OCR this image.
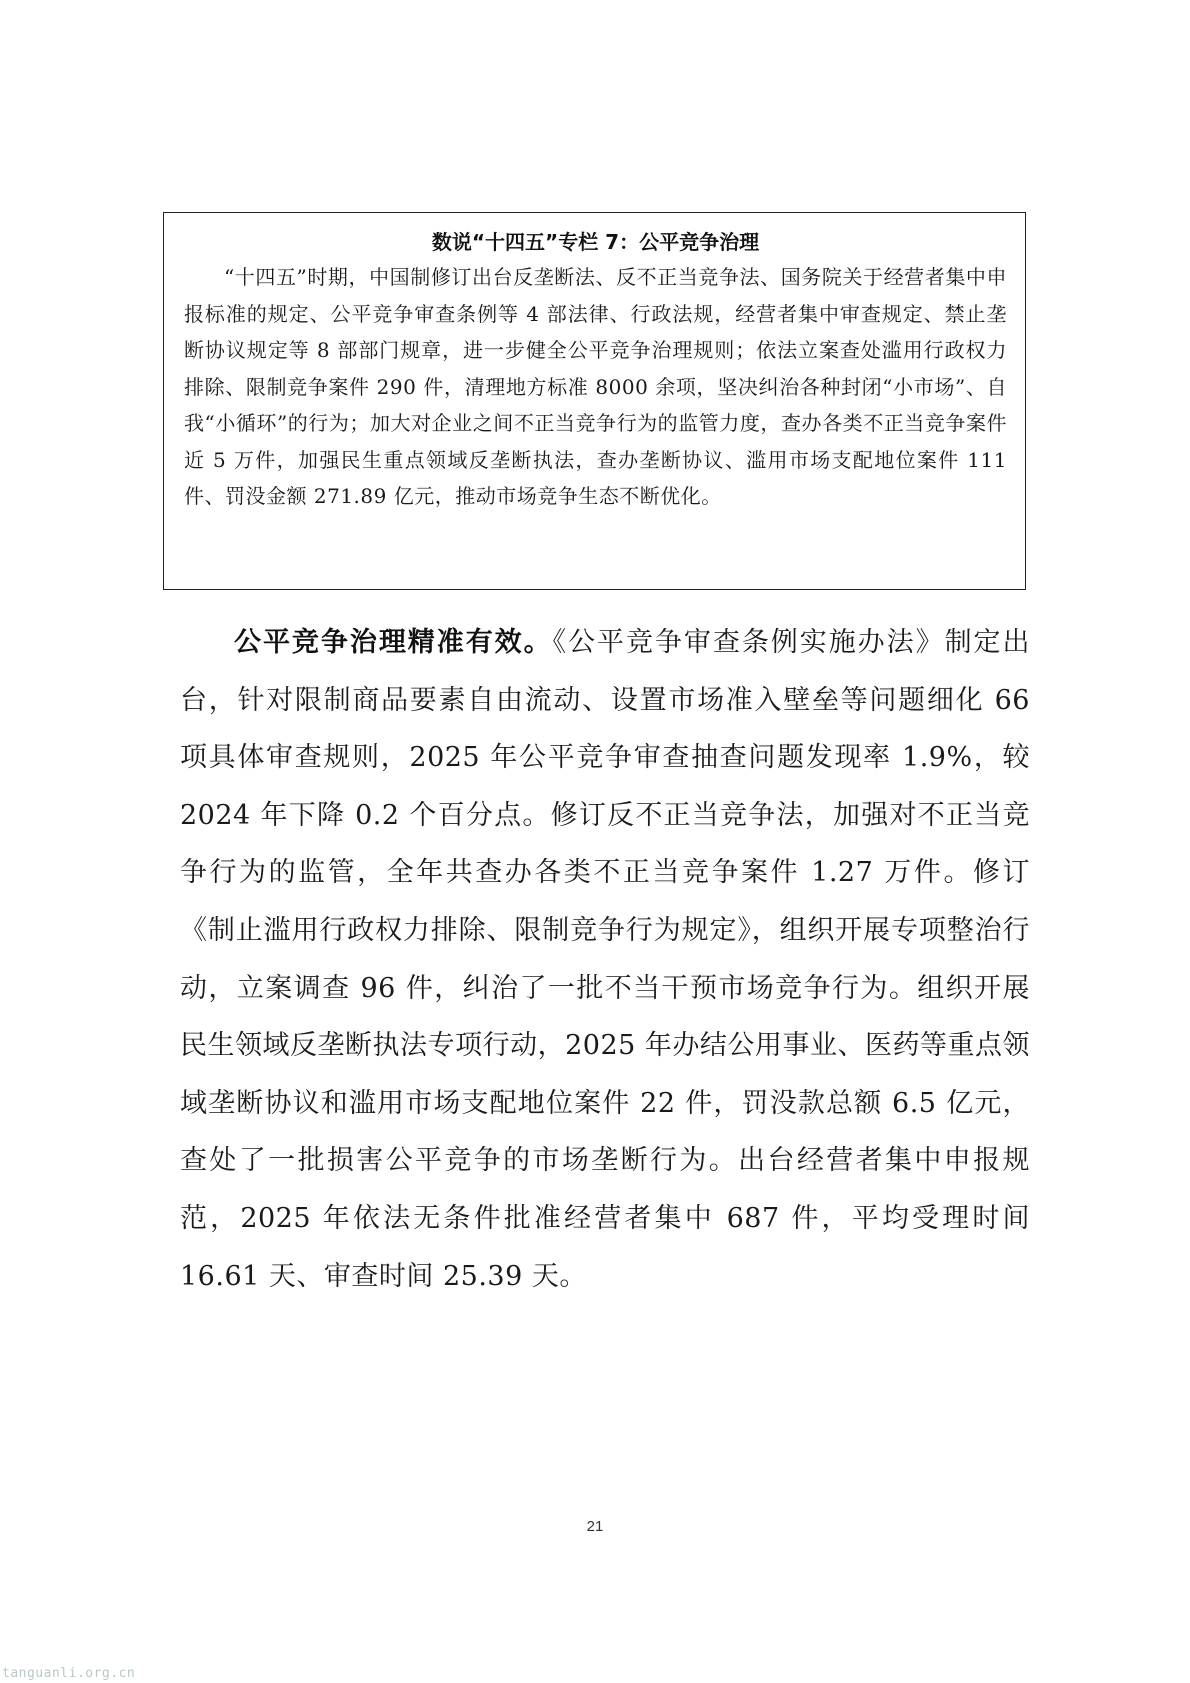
数说“十四五”专栏 7：公平竞争治理

“十四五”时期，中国制修订出台反垄断法、反不正当竞争法、国务院关于经营者集中申报标准的规定、公平竞争审查条例等 4 部法律、行政法规，经营者集中审查规定、禁止垄断协议规定等 8 部部门规章，进一步健全公平竞争治理规则；依法立案查处滥用行政权力排除、限制竞争案件 290 件，清理地方标准 8000 余项，坚决纠治各种封闭“小市场”、自我“小循环”的行为；加大对企业之间不正当竞争行为的监管力度，查办各类不正当竞争案件近 5 万件，加强民生重点领域反垄断执法，查办垄断协议、滥用市场支配地位案件 111 件、罚没金额 271.89 亿元，推动市场竞争生态不断优化。

公平竞争治理精准有效。《公平竞争审查条例实施办法》制定出台，针对限制商品要素自由流动、设置市场准入壁垒等问题细化 66 项具体审查规则，2025 年公平竞争审查抽查问题发现率 1.9%，较 2024 年下降 0.2 个百分点。修订反不正当竞争法，加强对不正当竞争行为的监管，全年共查办各类不正当竞争案件 1.27 万件。修订《制止滥用行政权力排除、限制竞争行为规定》，组织开展专项整治行动，立案调查 96 件，纠治了一批不当干预市场竞争行为。组织开展民生领域反垄断执法专项行动，2025 年办结公用事业、医药等重点领域垄断协议和滥用市场支配地位案件 22 件，罚没款总额 6.5 亿元，查处了一批损害公平竞争的市场垄断行为。出台经营者集中申报规范，2025 年依法无条件批准经营者集中 687 件，平均受理时间 16.61 天、审查时间 25.39 天。

21
tanguanli.org.cn
